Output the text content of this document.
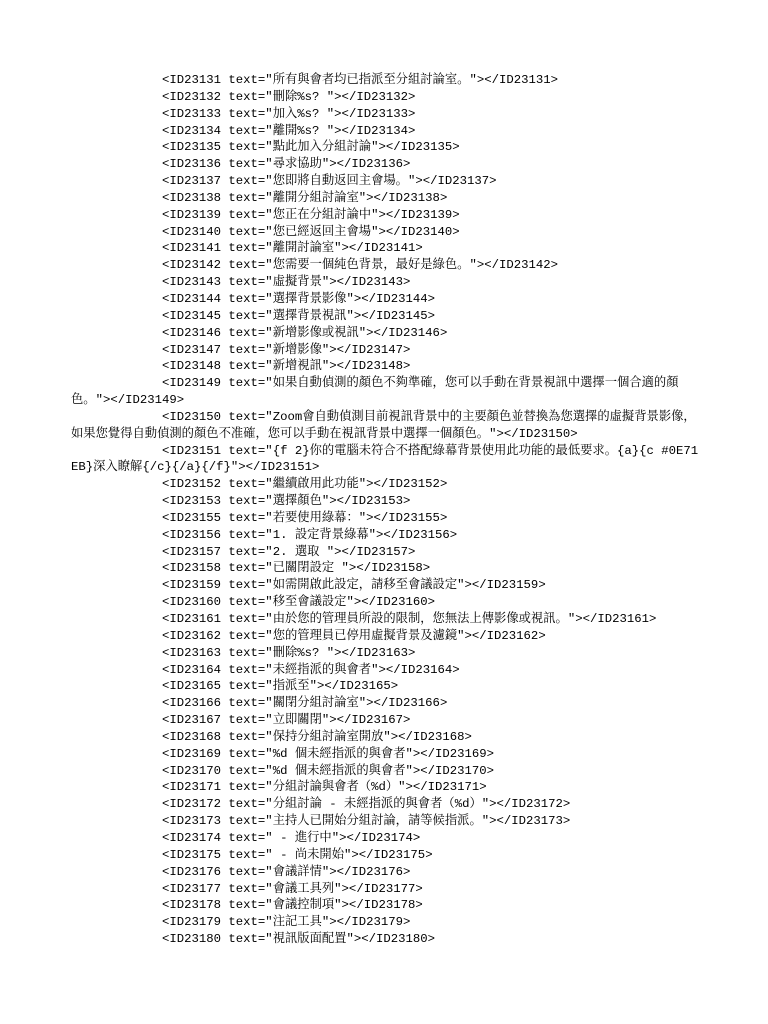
<ID23131 text="所有與會者均已指派至分組討論室。"></ID23131>

<ID23132 text="刪除%s? "></ID23132>

<ID23133 text="加入%s? "></ID23133>

<ID23134 text="離開%s? "></ID23134>

<ID23135 text="點此加入分組討論"></ID23135>

<ID23136 text="尋求協助"></ID23136>

<ID23137 text="您即將自動返回主會場。"></ID23137>

<ID23138 text="離開分組討論室"></ID23138>

<ID23139 text="您正在分組討論中"></ID23139>

<ID23140 text="您已經返回主會場"></ID23140>

<ID23141 text="離開討論室"></ID23141>

<ID23142 text="您需要一個純色背景，最好是綠色。"></ID23142>

<ID23143 text="虛擬背景"></ID23143>

<ID23144 text="選擇背景影像"></ID23144>

<ID23145 text="選擇背景視訊"></ID23145>

<ID23146 text="新增影像或視訊"></ID23146>

<ID23147 text="新增影像"></ID23147>

<ID23148 text="新增視訊"></ID23148>

<ID23149 text="如果自動偵測的顏色不夠準確，您可以手動在背景視訊中選擇一個合適的顏色。"></ID23149>

<ID23150 text="Zoom會自動偵測目前視訊背景中的主要顏色並替換為您選擇的虛擬背景影像，如果您覺得自動偵測的顏色不准確，您可以手動在視訊背景中選擇一個顏色。"></ID23150>

<ID23151 text="{f 2}你的電腦未符合不搭配綠幕背景使用此功能的最低要求。{a}{c #0E71EB}深入瞭解{/c}{/a}{/f}"></ID23151>

<ID23152 text="繼續啟用此功能"></ID23152>

<ID23153 text="選擇顏色"></ID23153>

<ID23155 text="若要使用綠幕："></ID23155>

<ID23156 text="1. 設定背景綠幕"></ID23156>

<ID23157 text="2. 選取 "></ID23157>

<ID23158 text="已關閉設定 "></ID23158>

<ID23159 text="如需開啟此設定，請移至會議設定"></ID23159>

<ID23160 text="移至會議設定"></ID23160>

<ID23161 text="由於您的管理員所設的限制，您無法上傳影像或視訊。"></ID23161>

<ID23162 text="您的管理員已停用虛擬背景及濾鏡"></ID23162>

<ID23163 text="刪除%s? "></ID23163>

<ID23164 text="未經指派的與會者"></ID23164>

<ID23165 text="指派至"></ID23165>

<ID23166 text="關閉分組討論室"></ID23166>

<ID23167 text="立即關閉"></ID23167>

<ID23168 text="保持分組討論室開放"></ID23168>

<ID23169 text="%d 個未經指派的與會者"></ID23169>

<ID23170 text="%d 個未經指派的與會者"></ID23170>

<ID23171 text="分組討論與會者（%d）"></ID23171>

<ID23172 text="分組討論 - 未經指派的與會者（%d）"></ID23172>

<ID23173 text="主持人已開始分組討論，請等候指派。"></ID23173>

<ID23174 text=" - 進行中"></ID23174>

<ID23175 text=" - 尚未開始"></ID23175>

<ID23176 text="會議詳情"></ID23176>

<ID23177 text="會議工具列"></ID23177>

<ID23178 text="會議控制項"></ID23178>

<ID23179 text="注記工具"></ID23179>

<ID23180 text="視訊版面配置"></ID23180>
